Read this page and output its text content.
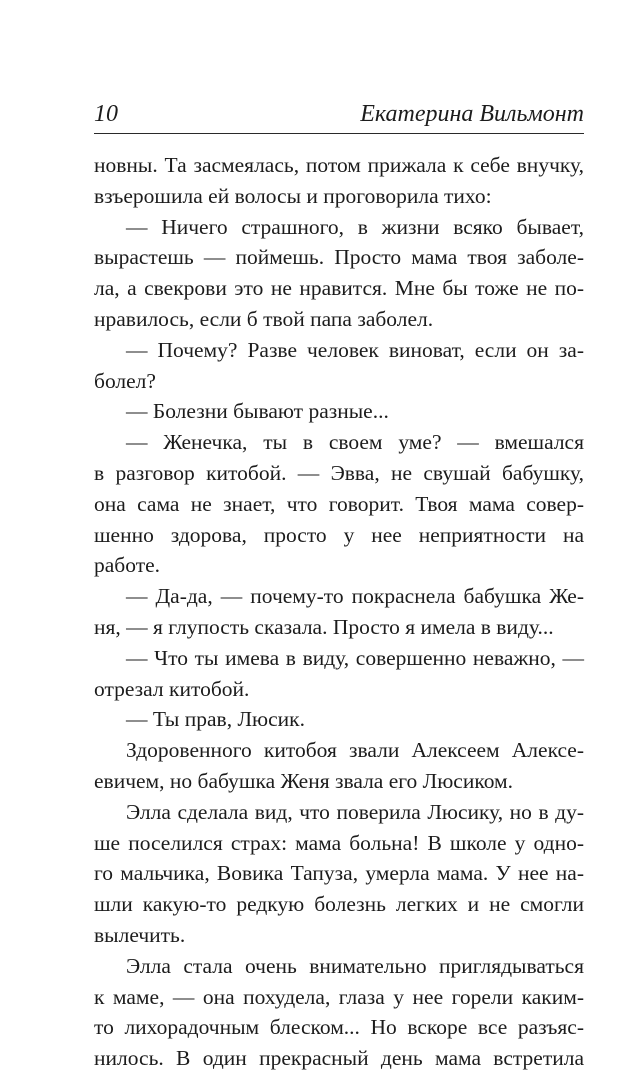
10	Екатерина Вильмонт
новны. Та засмеялась, потом прижала к себе внучку,
взъерошила ей волосы и проговорила тихо:
— Ничего страшного, в жизни всяко бывает,
вырастешь — поймешь. Просто мама твоя заболе-
ла, а свекрови это не нравится. Мне бы тоже не по-
нравилось, если б твой папа заболел.
— Почему? Разве человек виноват, если он за-
болел?
— Болезни бывают разные...
— Женечка, ты в своем уме? — вмешался
в разговор китобой. — Эвва, не свушай бабушку,
она сама не знает, что говорит. Твоя мама совер-
шенно здорова, просто у нее неприятности на
работе.
— Да-да, — почему-то покраснела бабушка Же-
ня, — я глупость сказала. Просто я имела в виду...
— Что ты имева в виду, совершенно неважно, —
отрезал китобой.
— Ты прав, Люсик.
Здоровенного китобоя звали Алексеем Алексе-
евичем, но бабушка Женя звала его Люсиком.
Элла сделала вид, что поверила Люсику, но в ду-
ше поселился страх: мама больна! В школе у одно-
го мальчика, Вовика Тапуза, умерла мама. У нее на-
шли какую-то редкую болезнь легких и не смогли
вылечить.
Элла стала очень внимательно приглядываться
к маме, — она похудела, глаза у нее горели каким-
то лихорадочным блеском... Но вскоре все разъяс-
нилось. В один прекрасный день мама встретила
